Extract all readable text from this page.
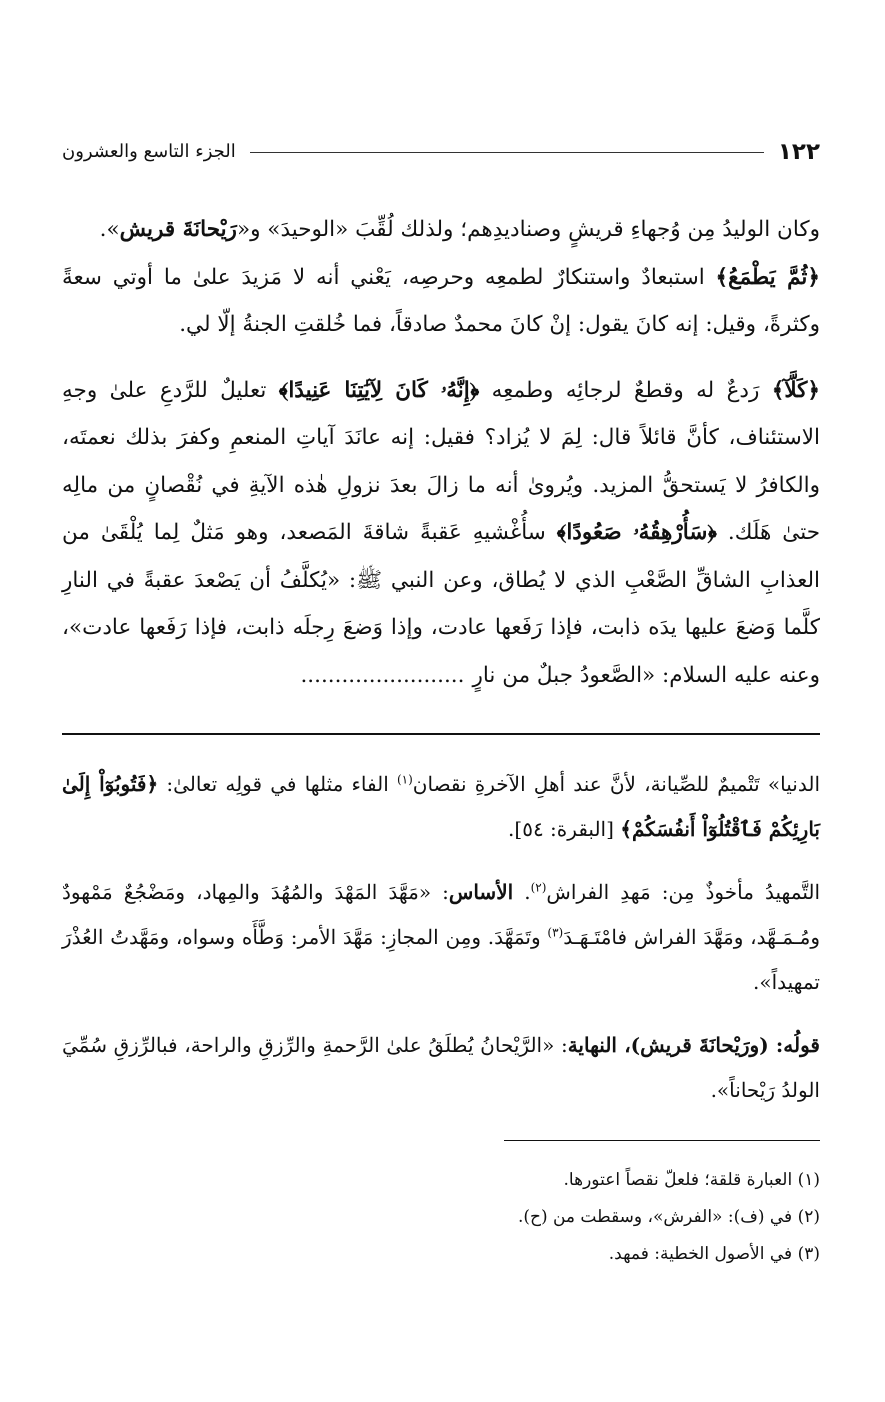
١٢٢
الجزء التاسع والعشرون

وكان الوليدُ مِن وُجهاءِ قريشٍ وصناديدِهم؛ ولذلك لُقِّبَ «الوحيدَ» و«رَيْحانَةَ قريش».
﴿ثُمَّ يَطْمَعُ﴾ استبعادٌ واستنكارٌ لطمعِه وحرصِه، يَعْني أنه لا مَزيدَ علىٰ ما أوتي سعةً وكثرةً، وقيل: إنه كانَ يقول: إنْ كانَ محمدٌ صادقاً، فما خُلقتِ الجنةُ إلّا لي.

﴿كَلَّآ﴾ رَدعٌ له وقطعٌ لرجائِه وطمعِه ﴿إِنَّهُۥ كَانَ لِآيَٰتِنَا عَنِيدًا﴾ تعليلٌ للرَّدعِ علىٰ وجهِ الاستئناف، كأنَّ قائلاً قال: لِمَ لا يُزاد؟ فقيل: إنه عانَدَ آياتِ المنعمِ وكفرَ بذلك نعمتَه، والكافرُ لا يَستحقُّ المزيد. ويُروىٰ أنه ما زالَ بعدَ نزولِ هٰذه الآيةِ في نُقْصانٍ من مالِه حتىٰ هَلَك. ﴿سَأُرْهِقُهُۥ صَعُودًا﴾ سأُغْشيهِ عَقبةً شاقةَ المَصعد، وهو مَثلٌ لِما يُلْقَىٰ من العذابِ الشاقِّ الصَّعْبِ الذي لا يُطاق، وعن النبي ﷺ: «يُكلَّفُ أن يَصْعدَ عقبةً في النارِ كلَّما وَضعَ عليها يدَه ذابت، فإذا رَفَعها عادت، وإذا وَضعَ رِجلَه ذابت، فإذا رَفَعها عادت»، وعنه عليه السلام: «الصَّعودُ جبلٌ من نارٍ........................

الدنيا» تَتْميمٌ للصِّيانة، لأنَّ عند أهلِ الآخرةِ نقصان$^{(١)}$ الفاء مثلها في قولِه تعالىٰ: ﴿فَتُوبُوٓاْ إِلَىٰ بَارِئِكُمْ فَٱقْتُلُوٓاْ أَنفُسَكُمْ﴾ [البقرة: ٥٤].

التَّمهيدُ مأخوذٌ مِن: مَهدِ الفراش$^{(٢)}$. الأساس: «مَهَّدَ المَهْدَ والمُهُدَ والمِهاد، ومَضْجُعٌ مَمْهودٌ ومُـمَـهَّد، ومَهَّدَ الفراش فامْتَـهَـدَ$^{(٣)}$ وتَمَهَّدَ. ومِن المجازِ: مَهَّدَ الأمر: وَطَّأَه وسواه، ومَهَّدتُ العُذْرَ تمهيداً».

قولُه: (ورَيْحانَةَ قريش)، النهاية: «الرَّيْحانُ يُطلَقُ علىٰ الرَّحمةِ والرِّزقِ والراحة، فبالرِّزقِ سُمِّيَ الولدُ رَيْحاناً».

(١) العبارة قلقة؛ فلعلّ نقصاً اعتورها.

(٢) في (ف): «الفرش»، وسقطت من (ح).

(٣) في الأصول الخطية: فمهد.
